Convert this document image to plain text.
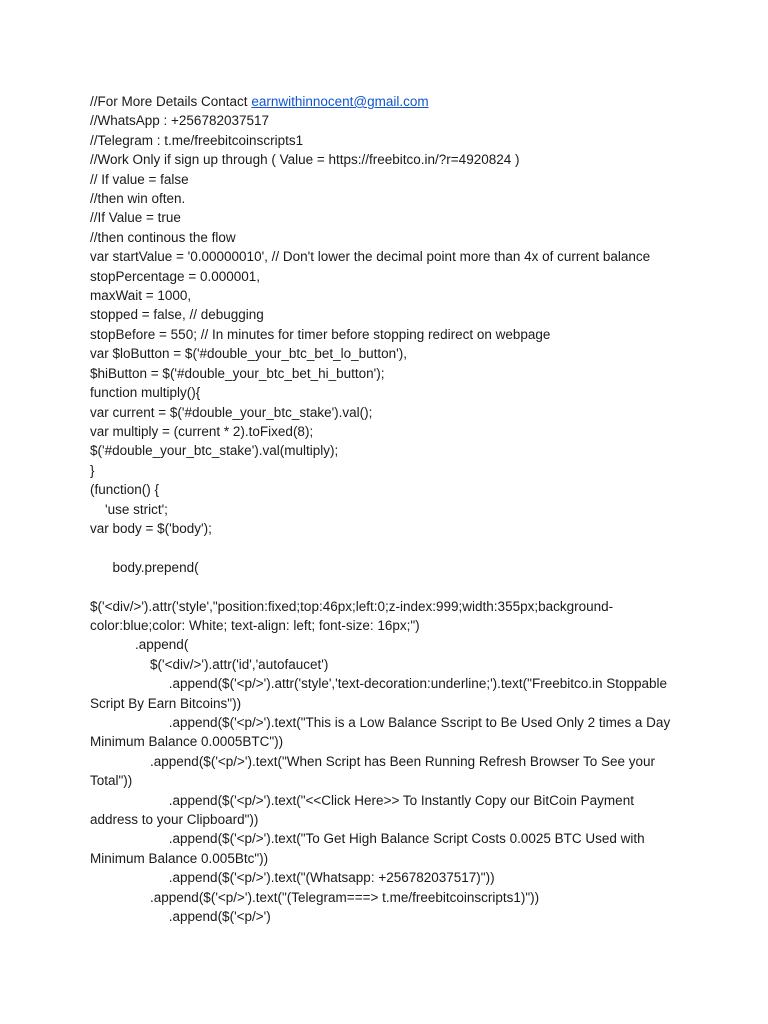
//For More Details Contact earnwithinnocent@gmail.com
//WhatsApp : +256782037517
//Telegram : t.me/freebitcoinscripts1
//Work Only if sign up through ( Value = https://freebitco.in/?r=4920824 )
// If value = false
//then win often.
//If Value = true
//then continous the flow
var startValue = '0.00000010', // Don't lower the decimal point more than 4x of current balance
stopPercentage = 0.000001,
maxWait = 1000,
stopped = false, // debugging
stopBefore = 550; // In minutes for timer before stopping redirect on webpage
var $loButton = $('#double_your_btc_bet_lo_button'),
$hiButton = $('#double_your_btc_bet_hi_button');
function multiply(){
var current = $('#double_your_btc_stake').val();
var multiply = (current * 2).toFixed(8);
$('#double_your_btc_stake').val(multiply);
}
(function() {
'use strict';
var body = $('body');
body.prepend(
$('<div/>').attr('style',"position:fixed;top:46px;left:0;z-index:999;width:355px;background-color:blue;color: White; text-align: left; font-size: 16px;")
.append(
$('<div/>').attr('id','autofaucet')
.append($('<p/>').attr('style','text-decoration:underline;').text("Freebitco.in Stoppable Script By Earn Bitcoins"))
.append($('<p/>').text("This is a Low Balance Sscript to Be Used Only 2 times a Day Minimum Balance 0.0005BTC"))
.append($('<p/>').text("When Script has Been Running Refresh Browser To See your Total"))
.append($('<p/>').text("<<Click Here>> To Instantly Copy our BitCoin Payment address to your Clipboard"))
.append($('<p/>').text("To Get High Balance Script Costs 0.0025 BTC Used with Minimum Balance 0.005Btc"))
.append($('<p/>').text("(Whatsapp: +256782037517)"))
.append($('<p/>').text("(Telegram===> t.me/freebitcoinscripts1)"))
.append($('<p/>')
